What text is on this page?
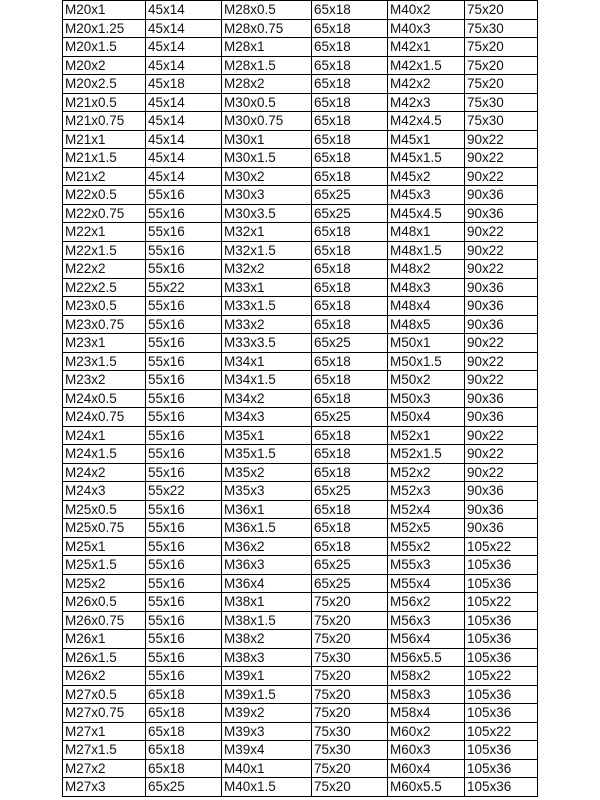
M20x1	45x14	M28x0.5	65x18	M40x2	75x20
M20x1.25	45x14	M28x0.75	65x18	M40x3	75x30
M20x1.5	45x14	M28x1	65x18	M42x1	75x20
M20x2	45x14	M28x1.5	65x18	M42x1.5	75x20
M20x2.5	45x18	M28x2	65x18	M42x2	75x20
M21x0.5	45x14	M30x0.5	65x18	M42x3	75x30
M21x0.75	45x14	M30x0.75	65x18	M42x4.5	75x30
M21x1	45x14	M30x1	65x18	M45x1	90x22
M21x1.5	45x14	M30x1.5	65x18	M45x1.5	90x22
M21x2	45x14	M30x2	65x18	M45x2	90x22
M22x0.5	55x16	M30x3	65x25	M45x3	90x36
M22x0.75	55x16	M30x3.5	65x25	M45x4.5	90x36
M22x1	55x16	M32x1	65x18	M48x1	90x22
M22x1.5	55x16	M32x1.5	65x18	M48x1.5	90x22
M22x2	55x16	M32x2	65x18	M48x2	90x22
M22x2.5	55x22	M33x1	65x18	M48x3	90x36
M23x0.5	55x16	M33x1.5	65x18	M48x4	90x36
M23x0.75	55x16	M33x2	65x18	M48x5	90x36
M23x1	55x16	M33x3.5	65x25	M50x1	90x22
M23x1.5	55x16	M34x1	65x18	M50x1.5	90x22
M23x2	55x16	M34x1.5	65x18	M50x2	90x22
M24x0.5	55x16	M34x2	65x18	M50x3	90x36
M24x0.75	55x16	M34x3	65x25	M50x4	90x36
M24x1	55x16	M35x1	65x18	M52x1	90x22
M24x1.5	55x16	M35x1.5	65x18	M52x1.5	90x22
M24x2	55x16	M35x2	65x18	M52x2	90x22
M24x3	55x22	M35x3	65x25	M52x3	90x36
M25x0.5	55x16	M36x1	65x18	M52x4	90x36
M25x0.75	55x16	M36x1.5	65x18	M52x5	90x36
M25x1	55x16	M36x2	65x18	M55x2	105x22
M25x1.5	55x16	M36x3	65x25	M55x3	105x36
M25x2	55x16	M36x4	65x25	M55x4	105x36
M26x0.5	55x16	M38x1	75x20	M56x2	105x22
M26x0.75	55x16	M38x1.5	75x20	M56x3	105x36
M26x1	55x16	M38x2	75x20	M56x4	105x36
M26x1.5	55x16	M38x3	75x30	M56x5.5	105x36
M26x2	55x16	M39x1	75x20	M58x2	105x22
M27x0.5	65x18	M39x1.5	75x20	M58x3	105x36
M27x0.75	65x18	M39x2	75x20	M58x4	105x36
M27x1	65x18	M39x3	75x30	M60x2	105x22
M27x1.5	65x18	M39x4	75x30	M60x3	105x36
M27x2	65x18	M40x1	75x20	M60x4	105x36
M27x3	65x25	M40x1.5	75x20	M60x5.5	105x36
